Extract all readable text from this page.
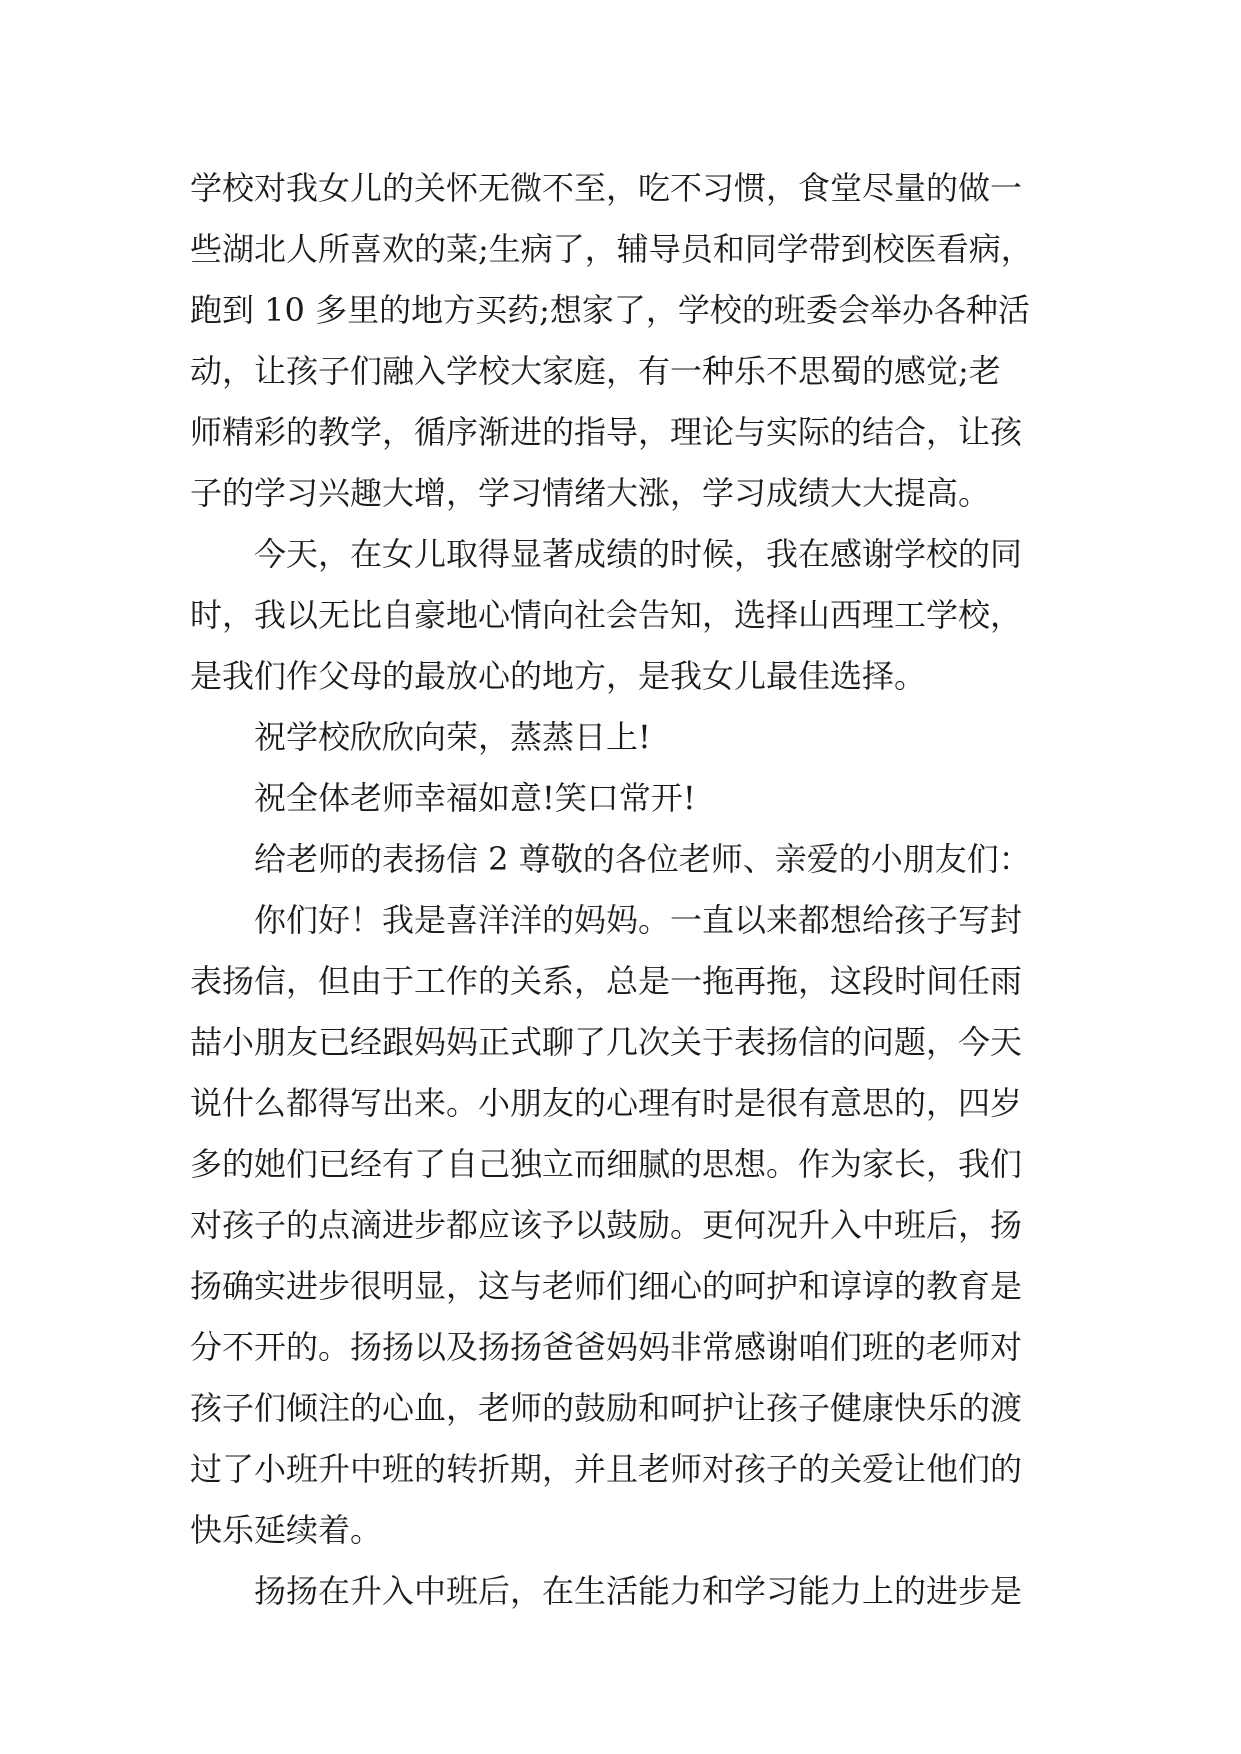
学校对我女儿的关怀无微不至，吃不习惯，食堂尽量的做一
些湖北人所喜欢的菜;生病了，辅导员和同学带到校医看病，
跑到 10 多里的地方买药;想家了，学校的班委会举办各种活
动，让孩子们融入学校大家庭，有一种乐不思蜀的感觉;老
师精彩的教学，循序渐进的指导，理论与实际的结合，让孩
子的学习兴趣大增，学习情绪大涨，学习成绩大大提高。
今天，在女儿取得显著成绩的时候，我在感谢学校的同
时，我以无比自豪地心情向社会告知，选择山西理工学校，
是我们作父母的最放心的地方，是我女儿最佳选择。
祝学校欣欣向荣，蒸蒸日上!
祝全体老师幸福如意!笑口常开!
给老师的表扬信 2 尊敬的各位老师、亲爱的小朋友们：
你们好！我是喜洋洋的妈妈。一直以来都想给孩子写封
表扬信，但由于工作的关系，总是一拖再拖，这段时间任雨
喆小朋友已经跟妈妈正式聊了几次关于表扬信的问题，今天
说什么都得写出来。小朋友的心理有时是很有意思的，四岁
多的她们已经有了自己独立而细腻的思想。作为家长，我们
对孩子的点滴进步都应该予以鼓励。更何况升入中班后，扬
扬确实进步很明显，这与老师们细心的呵护和谆谆的教育是
分不开的。扬扬以及扬扬爸爸妈妈非常感谢咱们班的老师对
孩子们倾注的心血，老师的鼓励和呵护让孩子健康快乐的渡
过了小班升中班的转折期，并且老师对孩子的关爱让他们的
快乐延续着。
扬扬在升入中班后，在生活能力和学习能力上的进步是
